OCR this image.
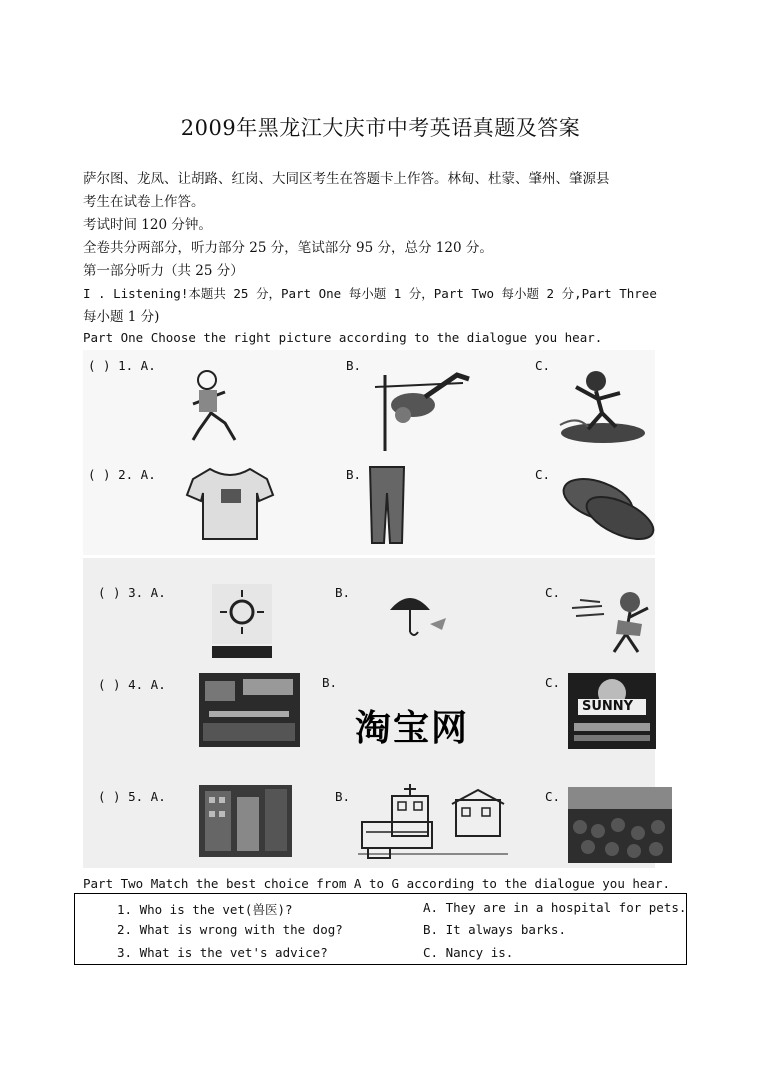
2009年黑龙江大庆市中考英语真题及答案
萨尔图、龙凤、让胡路、红岗、大同区考生在答题卡上作答。林甸、杜蒙、肇州、肇源县
考生在试卷上作答。
考试时间 120 分钟。
全卷共分两部分，听力部分 25 分，笔试部分 95 分，总分 120 分。
第一部分听力（共 25 分）
I . Listening!本题共 25 分，Part One 每小题 1 分，Part Two 每小题 2 分,Part Three
每小题 1 分)
Part One Choose the right picture according to the dialogue you hear.
( ) 1. A.	B.	C.
( ) 2. A.	B.	C.
( ) 3. A.	B.	C.
( ) 4. A.	B.	C.
淘宝网
SUNNY
( ) 5. A.	B.	C.
Part Two Match the best choice from A to G according to the dialogue you hear.
1. Who is the vet(兽医)?	A. They are in a hospital for pets.
2. What is wrong with the dog?	B. It always barks.
3. What is the vet's advice?	C. Nancy is.
